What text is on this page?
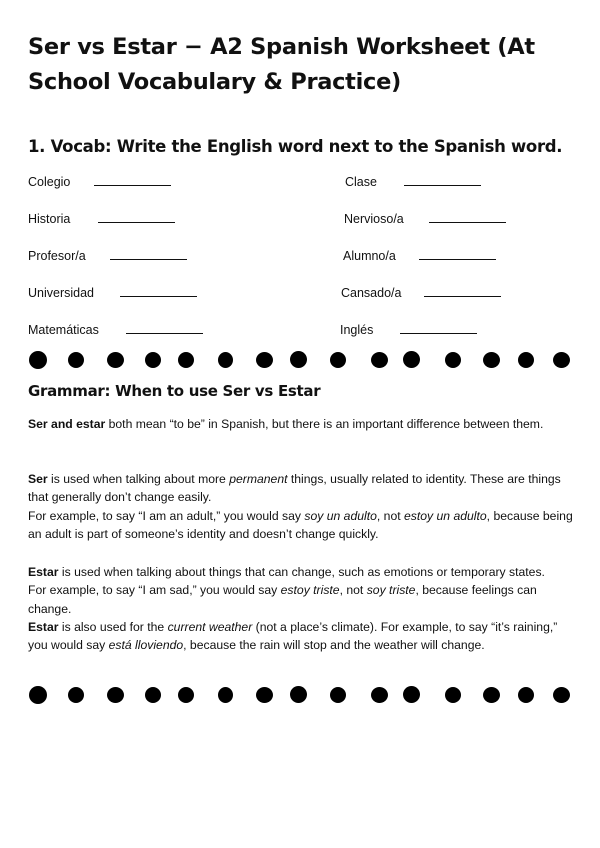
Ser vs Estar − A2 Spanish Worksheet (At School Vocabulary & Practice)
1. Vocab: Write the English word next to the Spanish word.
Colegio
Historia
Profesor/a
Universidad
Matemáticas
Clase
Nervioso/a
Alumno/a
Cansado/a
Inglés
Grammar: When to use Ser vs Estar

Ser and estar both mean “to be” in Spanish, but there is an important difference between them.

Ser is used when talking about more permanent things, usually related to identity. These are things that generally don’t change easily.
For example, to say “I am an adult,” you would say soy un adulto, not estoy un adulto, because being an adult is part of someone’s identity and doesn’t change quickly.

Estar is used when talking about things that can change, such as emotions or temporary states.
For example, to say “I am sad,” you would say estoy triste, not soy triste, because feelings can change.
Estar is also used for the current weather (not a place’s climate). For example, to say “it’s raining,” you would say está lloviendo, because the rain will stop and the weather will change.
